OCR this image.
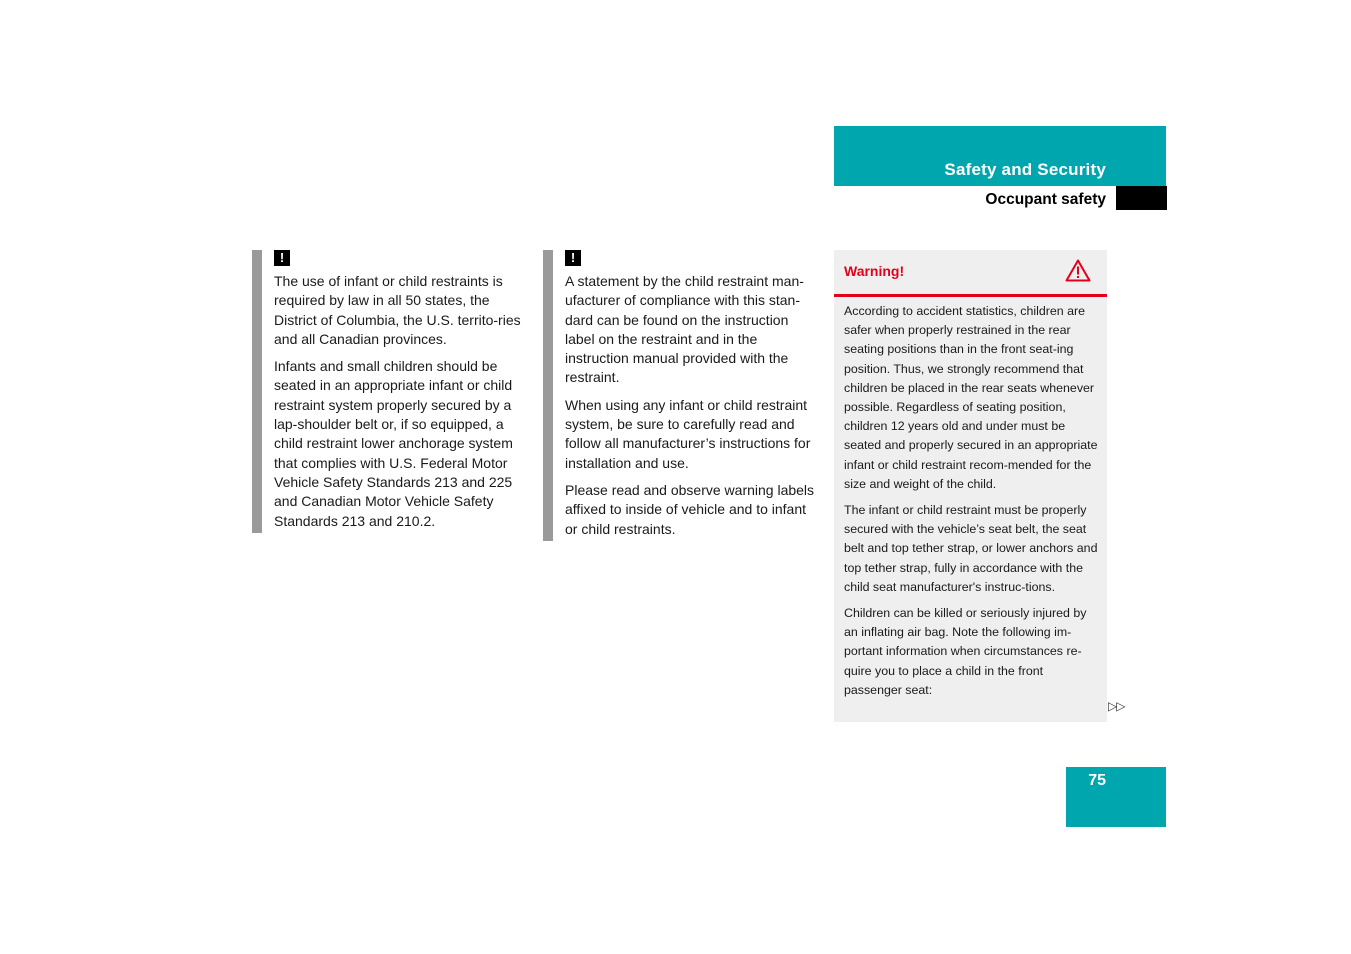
Safety and Security
Occupant safety
!

The use of infant or child restraints is required by law in all 50 states, the District of Columbia, the U.S. territo-ries and all Canadian provinces.

Infants and small children should be seated in an appropriate infant or child restraint system properly secured by a lap-shoulder belt or, if so equipped, a child restraint lower anchorage system that complies with U.S. Federal Motor Vehicle Safety Standards 213 and 225 and Canadian Motor Vehicle Safety Standards 213 and 210.2.

!

A statement by the child restraint man-ufacturer of compliance with this stan-dard can be found on the instruction label on the restraint and in the instruction manual provided with the restraint.

When using any infant or child restraint system, be sure to carefully read and follow all manufacturer’s instructions for installation and use.

Please read and observe warning labels affixed to inside of vehicle and to infant or child restraints.

Warning!

According to accident statistics, children are safer when properly restrained in the rear seating positions than in the front seat-ing position. Thus, we strongly recommend that children be placed in the rear seats whenever possible. Regardless of seating position, children 12 years old and under must be seated and properly secured in an appropriate infant or child restraint recom-mended for the size and weight of the child.

The infant or child restraint must be properly secured with the vehicle’s seat belt, the seat belt and top tether strap, or lower anchors and top tether strap, fully in accordance with the child seat manufacturer's instruc-tions.

Children can be killed or seriously injured by an inflating air bag. Note the following im-portant information when circumstances re-quire you to place a child in the front passenger seat:

▷▷
75
